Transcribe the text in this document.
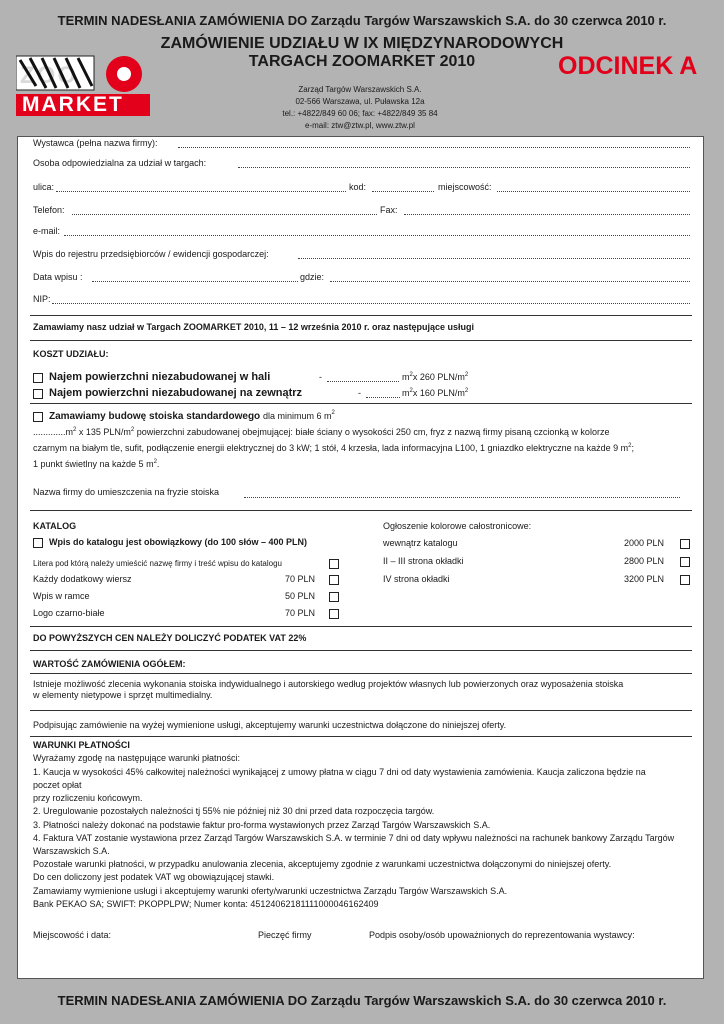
TERMIN NADESŁANIA ZAMÓWIENIA DO Zarządu Targów Warszawskich S.A. do 30 czerwca 2010 r.
ZAMÓWIENIE UDZIAŁU W IX MIĘDZYNARODOWYCH
TARGACH ZOOMARKET 2010	ODCINEK A
ZOO
MARKET
Zarząd Targów Warszawskich S.A.
02-566 Warszawa, ul. Puławska 12a
tel.: +4822/849 60 06; fax: +4822/849 35 84
e-mail: ztw@ztw.pl, www.ztw.pl
Wystawca (pełna nazwa firmy):
Osoba odpowiedzialna za udział w targach:
ulica:	kod:	miejscowość:
Telefon:	Fax:
e-mail:
Wpis do rejestru przedsiębiorców / ewidencji gospodarczej:
Data wpisu :	gdzie:
NIP:
Zamawiamy nasz udział w Targach ZOOMARKET 2010, 11 – 12 września 2010 r. oraz następujące usługi
KOSZT UDZIAŁU:
Najem powierzchni niezabudowanej w hali	-	$m^2x$ 260 PLN/$m^2$
Najem powierzchni niezabudowanej na zewnątrz	-	$m^2x$ 160 PLN/$m^2$
Zamawiamy budowę stoiska standardowego dla minimum 6 $m^2$
$.............m^2$ x 135 PLN/$m^2$ powierzchni zabudowanej obejmującej: białe ściany o wysokości 250 cm, fryz z nazwą firmy pisaną czcionką w kolorze
czarnym na białym tle, sufit, podłączenie energii elektrycznej do 3 kW; 1 stół, 4 krzesła, lada informacyjna L100, 1 gniazdko elektryczne na każde 9 $m^2$;
1 punkt świetlny na każde 5 $m^2$.
Nazwa firmy do umieszczenia na fryzie stoiska
KATALOG
Wpis do katalogu jest obowiązkowy (do 100 słów – 400 PLN)
Litera pod którą należy umieścić nazwę firmy i treść wpisu do katalogu
Każdy dodatkowy wiersz	70 PLN
Wpis w ramce	50 PLN
Logo czarno-białe	70 PLN
Ogłoszenie kolorowe całostronicowe:
wewnątrz katalogu	2000 PLN
II – III strona okładki	2800 PLN
IV strona okładki	3200 PLN
DO POWYŻSZYCH CEN NALEŻY DOLICZYĆ PODATEK VAT 22%
WARTOŚĆ ZAMÓWIENIA OGÓŁEM:
Istnieje możliwość zlecenia wykonania stoiska indywidualnego i autorskiego według projektów własnych lub powierzonych oraz wyposażenia stoiska
w elementy nietypowe i sprzęt multimedialny.
Podpisując zamówienie na wyżej wymienione usługi, akceptujemy warunki uczestnictwa dołączone do niniejszej oferty.
WARUNKI PŁATNOŚCI
Wyrażamy zgodę na następujące warunki płatności:
1. Kaucja w wysokości 45% całkowitej należności wynikającej z umowy płatna w ciągu 7 dni od daty wystawienia zamówienia. Kaucja zaliczona będzie na
poczet opłat
przy rozliczeniu końcowym.
2. Uregulowanie pozostałych należności tj 55% nie później niż 30 dni przed data rozpoczęcia targów.
3. Płatności należy dokonać na podstawie faktur pro-forma wystawionych przez Zarząd Targów Warszawskich S.A.
4. Faktura VAT zostanie wystawiona przez Zarząd Targów Warszawskich S.A. w terminie 7 dni od daty wpływu należności na rachunek bankowy Zarządu Targów
Warszawskich S.A.
Pozostałe warunki płatności, w przypadku anulowania zlecenia, akceptujemy zgodnie z warunkami uczestnictwa dołączonymi do niniejszej oferty.
Do cen doliczony jest podatek VAT wg obowiązującej stawki.
Zamawiamy wymienione usługi i akceptujemy warunki oferty/warunki uczestnictwa Zarządu Targów Warszawskich S.A.
Bank PEKAO SA; SWIFT: PKOPPLPW; Numer konta: 45124062181111000046162409
Miejscowość i data:	Pieczęć firmy	Podpis osoby/osób upoważnionych do reprezentowania wystawcy:
TERMIN NADESŁANIA ZAMÓWIENIA DO Zarządu Targów Warszawskich S.A. do 30 czerwca 2010 r.
